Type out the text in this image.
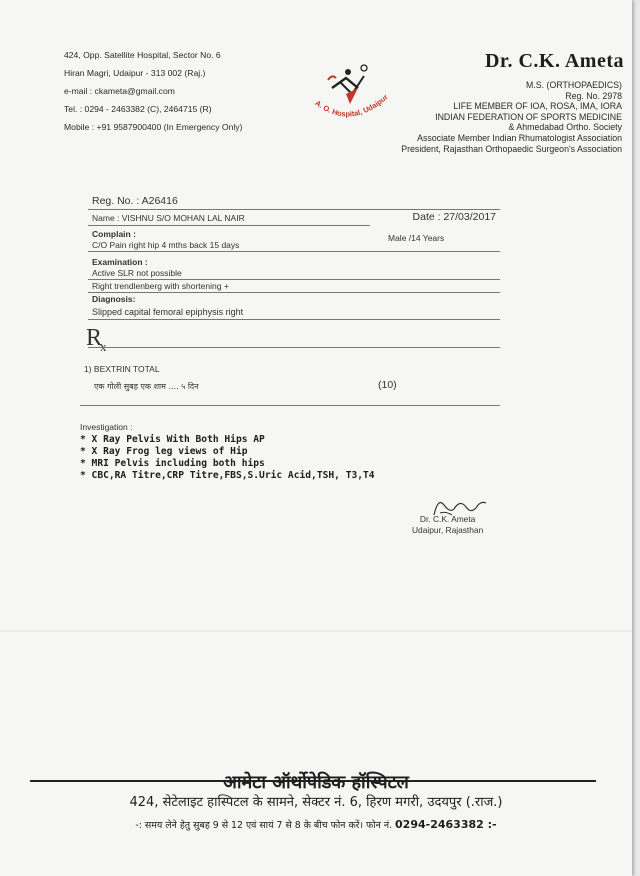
424, Opp. Satellite Hospital, Sector No. 6
Hiran Magri, Udaipur - 313 002 (Raj.)
e-mail : ckameta@gmail.com
Tel. : 0294 - 2463382 (C), 2464715 (R)
Mobile : +91 9587900400 (In Emergency Only)
A. O. Hospital, Udaipur
Dr. C.K. Ameta
M.S. (ORTHOPAEDICS)
Reg. No. 2978
LIFE MEMBER OF IOA, ROSA, IMA, IORA
INDIAN FEDERATION OF SPORTS MEDICINE
& Ahmedabad Ortho. Society
Associate Member Indian Rhumatologist Association
President, Rajasthan Orthopaedic Surgeon's Association
Reg. No. : A26416
Date : 27/03/2017
Name : VISHNU S/O MOHAN LAL NAIR
Male /14 Years
Complain :
C/O Pain right hip 4 mths back 15 days
Examination :
Active SLR not possible
Right trendlenberg with shortening +
Diagnosis:
Slipped capital femoral epiphysis right
$R_x$
1) BEXTRIN TOTAL
एक गोली सुबह एक शाम .... ५ दिन	(10)
Investigation :
* X Ray Pelvis With Both Hips AP
* X Ray Frog leg views of Hip
* MRI Pelvis including both hips
* CBC,RA Titre,CRP Titre,FBS,S.Uric Acid,TSH, T3,T4
Dr. C.K. Ameta
Udaipur, Rajasthan
आमेटा ऑर्थोपेडिक हॉस्पिटल
424, सेटेलाइट हास्पिटल के सामने, सेक्टर नं. 6, हिरण मगरी, उदयपुर (.राज.)
-: समय लेने हेतु सुबह 9 से 12 एवं सायं 7 से 8 के बीच फोन करें। फोन नं. 0294-2463382 :-
